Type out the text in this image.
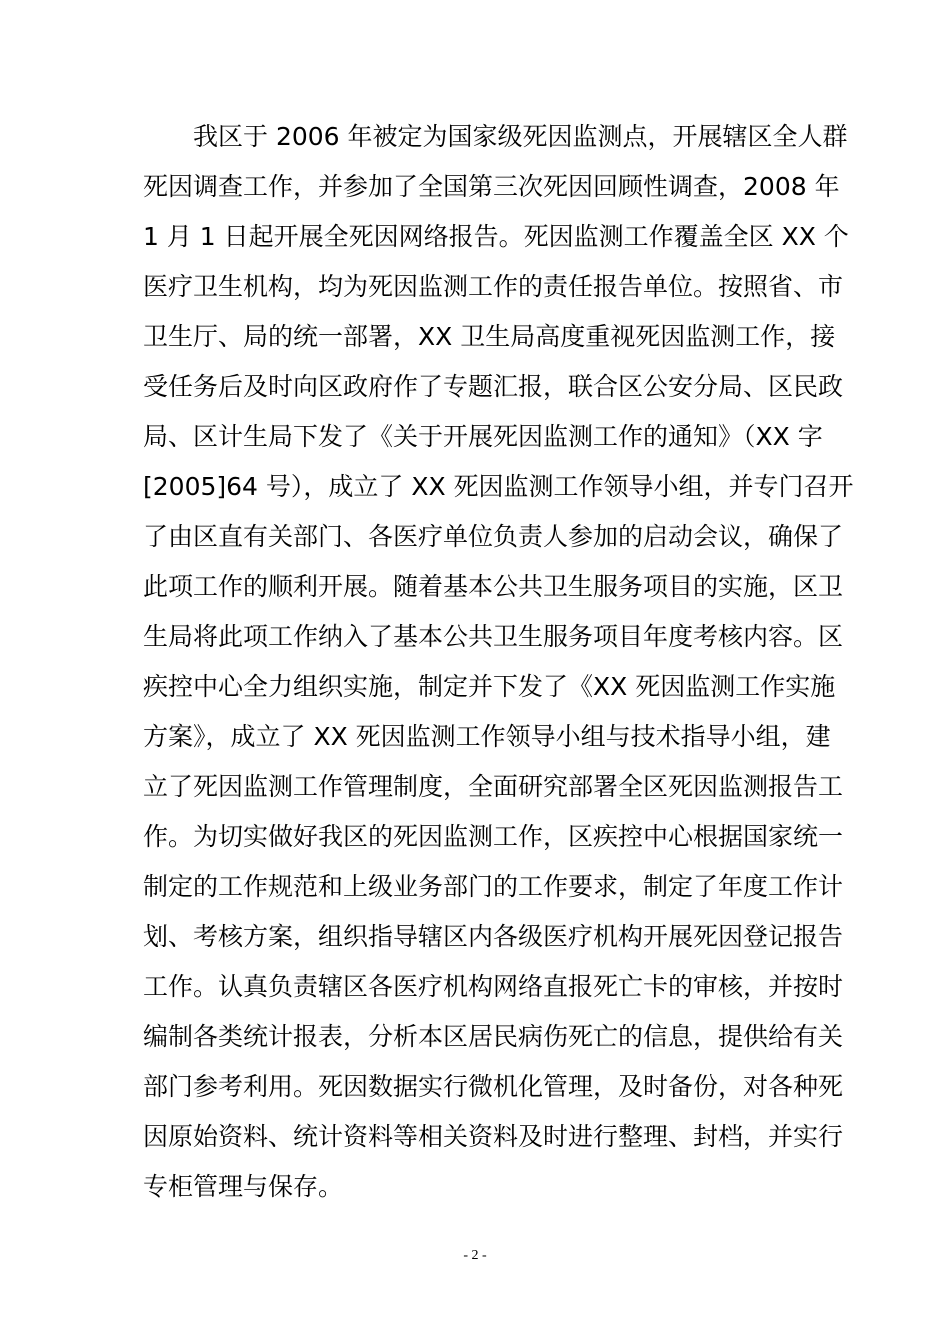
我区于 2006 年被定为国家级死因监测点，开展辖区全人群
死因调查工作，并参加了全国第三次死因回顾性调查，2008 年
1 月 1 日起开展全死因网络报告。死因监测工作覆盖全区 XX 个
医疗卫生机构，均为死因监测工作的责任报告单位。按照省、市
卫生厅、局的统一部署，XX 卫生局高度重视死因监测工作，接
受任务后及时向区政府作了专题汇报，联合区公安分局、区民政
局、区计生局下发了《关于开展死因监测工作的通知》（XX 字
[2005]64 号），成立了 XX 死因监测工作领导小组，并专门召开
了由区直有关部门、各医疗单位负责人参加的启动会议，确保了
此项工作的顺利开展。随着基本公共卫生服务项目的实施，区卫
生局将此项工作纳入了基本公共卫生服务项目年度考核内容。区
疾控中心全力组织实施，制定并下发了《XX 死因监测工作实施
方案》，成立了 XX 死因监测工作领导小组与技术指导小组，建
立了死因监测工作管理制度，全面研究部署全区死因监测报告工
作。为切实做好我区的死因监测工作，区疾控中心根据国家统一
制定的工作规范和上级业务部门的工作要求，制定了年度工作计
划、考核方案，组织指导辖区内各级医疗机构开展死因登记报告
工作。认真负责辖区各医疗机构网络直报死亡卡的审核，并按时
编制各类统计报表，分析本区居民病伤死亡的信息，提供给有关
部门参考利用。死因数据实行微机化管理，及时备份，对各种死
因原始资料、统计资料等相关资料及时进行整理、封档，并实行
专柜管理与保存。
- 2 -
